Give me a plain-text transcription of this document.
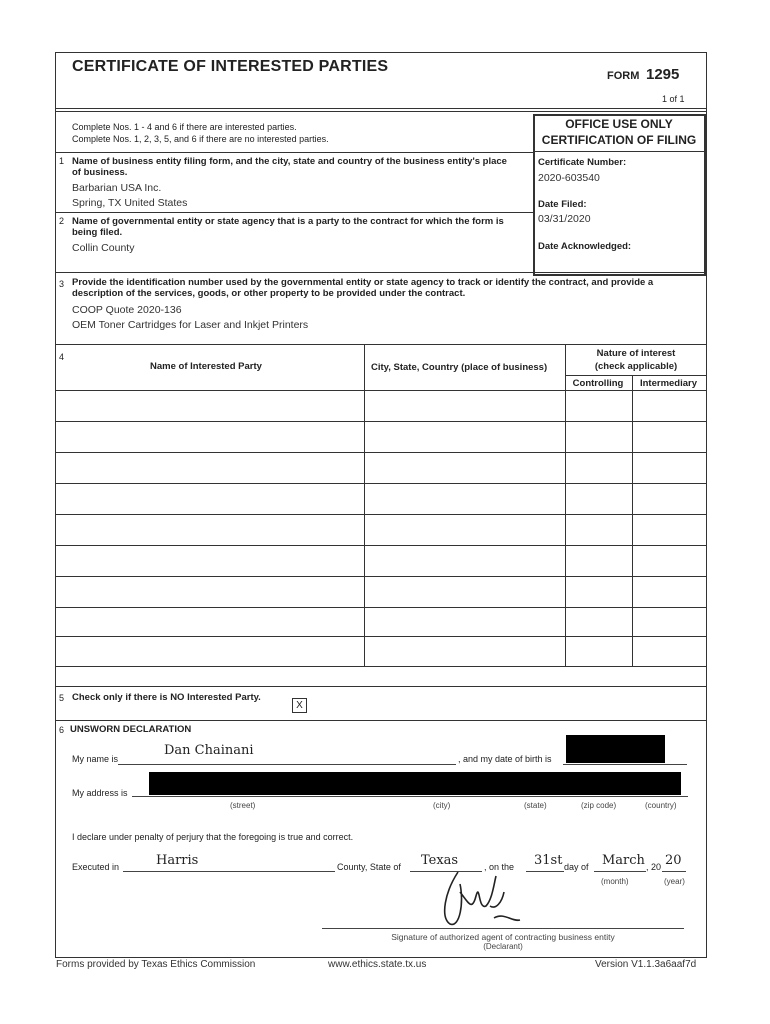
CERTIFICATE OF INTERESTED PARTIES
FORM 1295
1 of 1
Complete Nos. 1 - 4 and 6 if there are interested parties.
Complete Nos. 1, 2, 3, 5, and 6 if there are no interested parties.
OFFICE USE ONLY
CERTIFICATION OF FILING
Certificate Number:
2020-603540
Date Filed:
03/31/2020
Date Acknowledged:
1 Name of business entity filing form, and the city, state and country of the business entity's place
of business.
Barbarian USA Inc.
Spring, TX United States
2 Name of governmental entity or state agency that is a party to the contract for which the form is
being filed.
Collin County
3 Provide the identification number used by the governmental entity or state agency to track or identify the contract, and provide a
description of the services, goods, or other property to be provided under the contract.
COOP Quote 2020-136
OEM Toner Cartridges for Laser and Inkjet Printers
4
Name of Interested Party	City, State, Country (place of business)
Nature of interest
(check applicable)
Controlling	Intermediary
5 Check only if there is NO Interested Party.
X
6 UNSWORN DECLARATION
My name is
Dan Chainani
, and my date of birth is
My address is
(street)	(city)	(state)	(zip code)	(country)
I declare under penalty of perjury that the foregoing is true and correct.
Executed in	Harris	County, State of Texas	, on the 31st day of March , 20 20
(month)	(year)
Signature of authorized agent of contracting business entity
(Declarant)
Forms provided by Texas Ethics Commission	www.ethics.state.tx.us	Version V1.1.3a6aaf7d
